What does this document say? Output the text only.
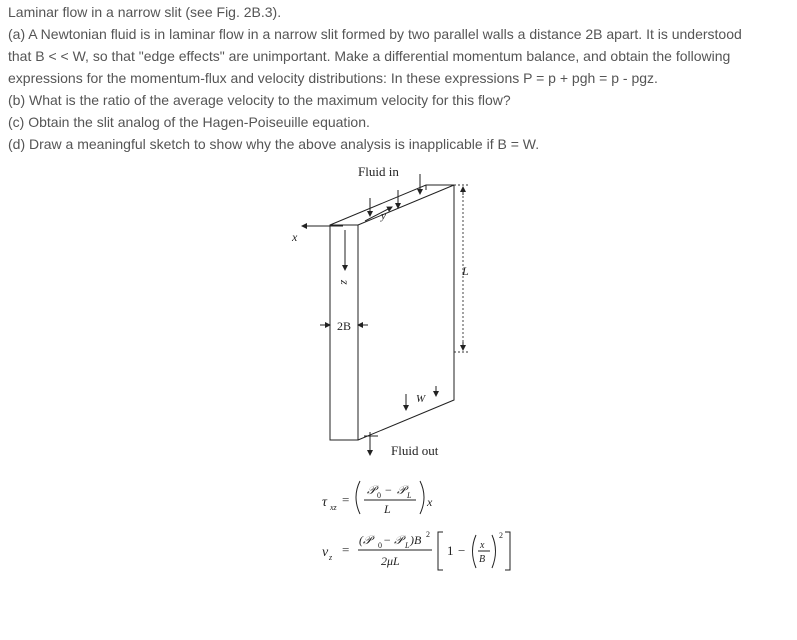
Laminar flow in a narrow slit (see Fig. 2B.3).

(a) A Newtonian fluid is in laminar flow in a narrow slit formed by two parallel walls a distance 2B apart. It is understood

that B < < W, so that "edge effects" are unimportant. Make a differential momentum balance, and obtain the following

expressions for the momentum-flux and velocity distributions: In these expressions P = p + pgh = p - pgz.

(b) What is the ratio of the average velocity to the maximum velocity for this flow?

(c) Obtain the slit analog of the Hagen-Poiseuille equation.

(d) Draw a meaningful sketch to show why the above analysis is inapplicable if B = W.

x
z
y
Fluid in
2B
L
W
Fluid out
τ xz
=
𝒫 0 − 𝒫 L
L	x
v z
=
(𝒫 0 − 𝒫 L )B 2
2μL
1 − x
B
2
